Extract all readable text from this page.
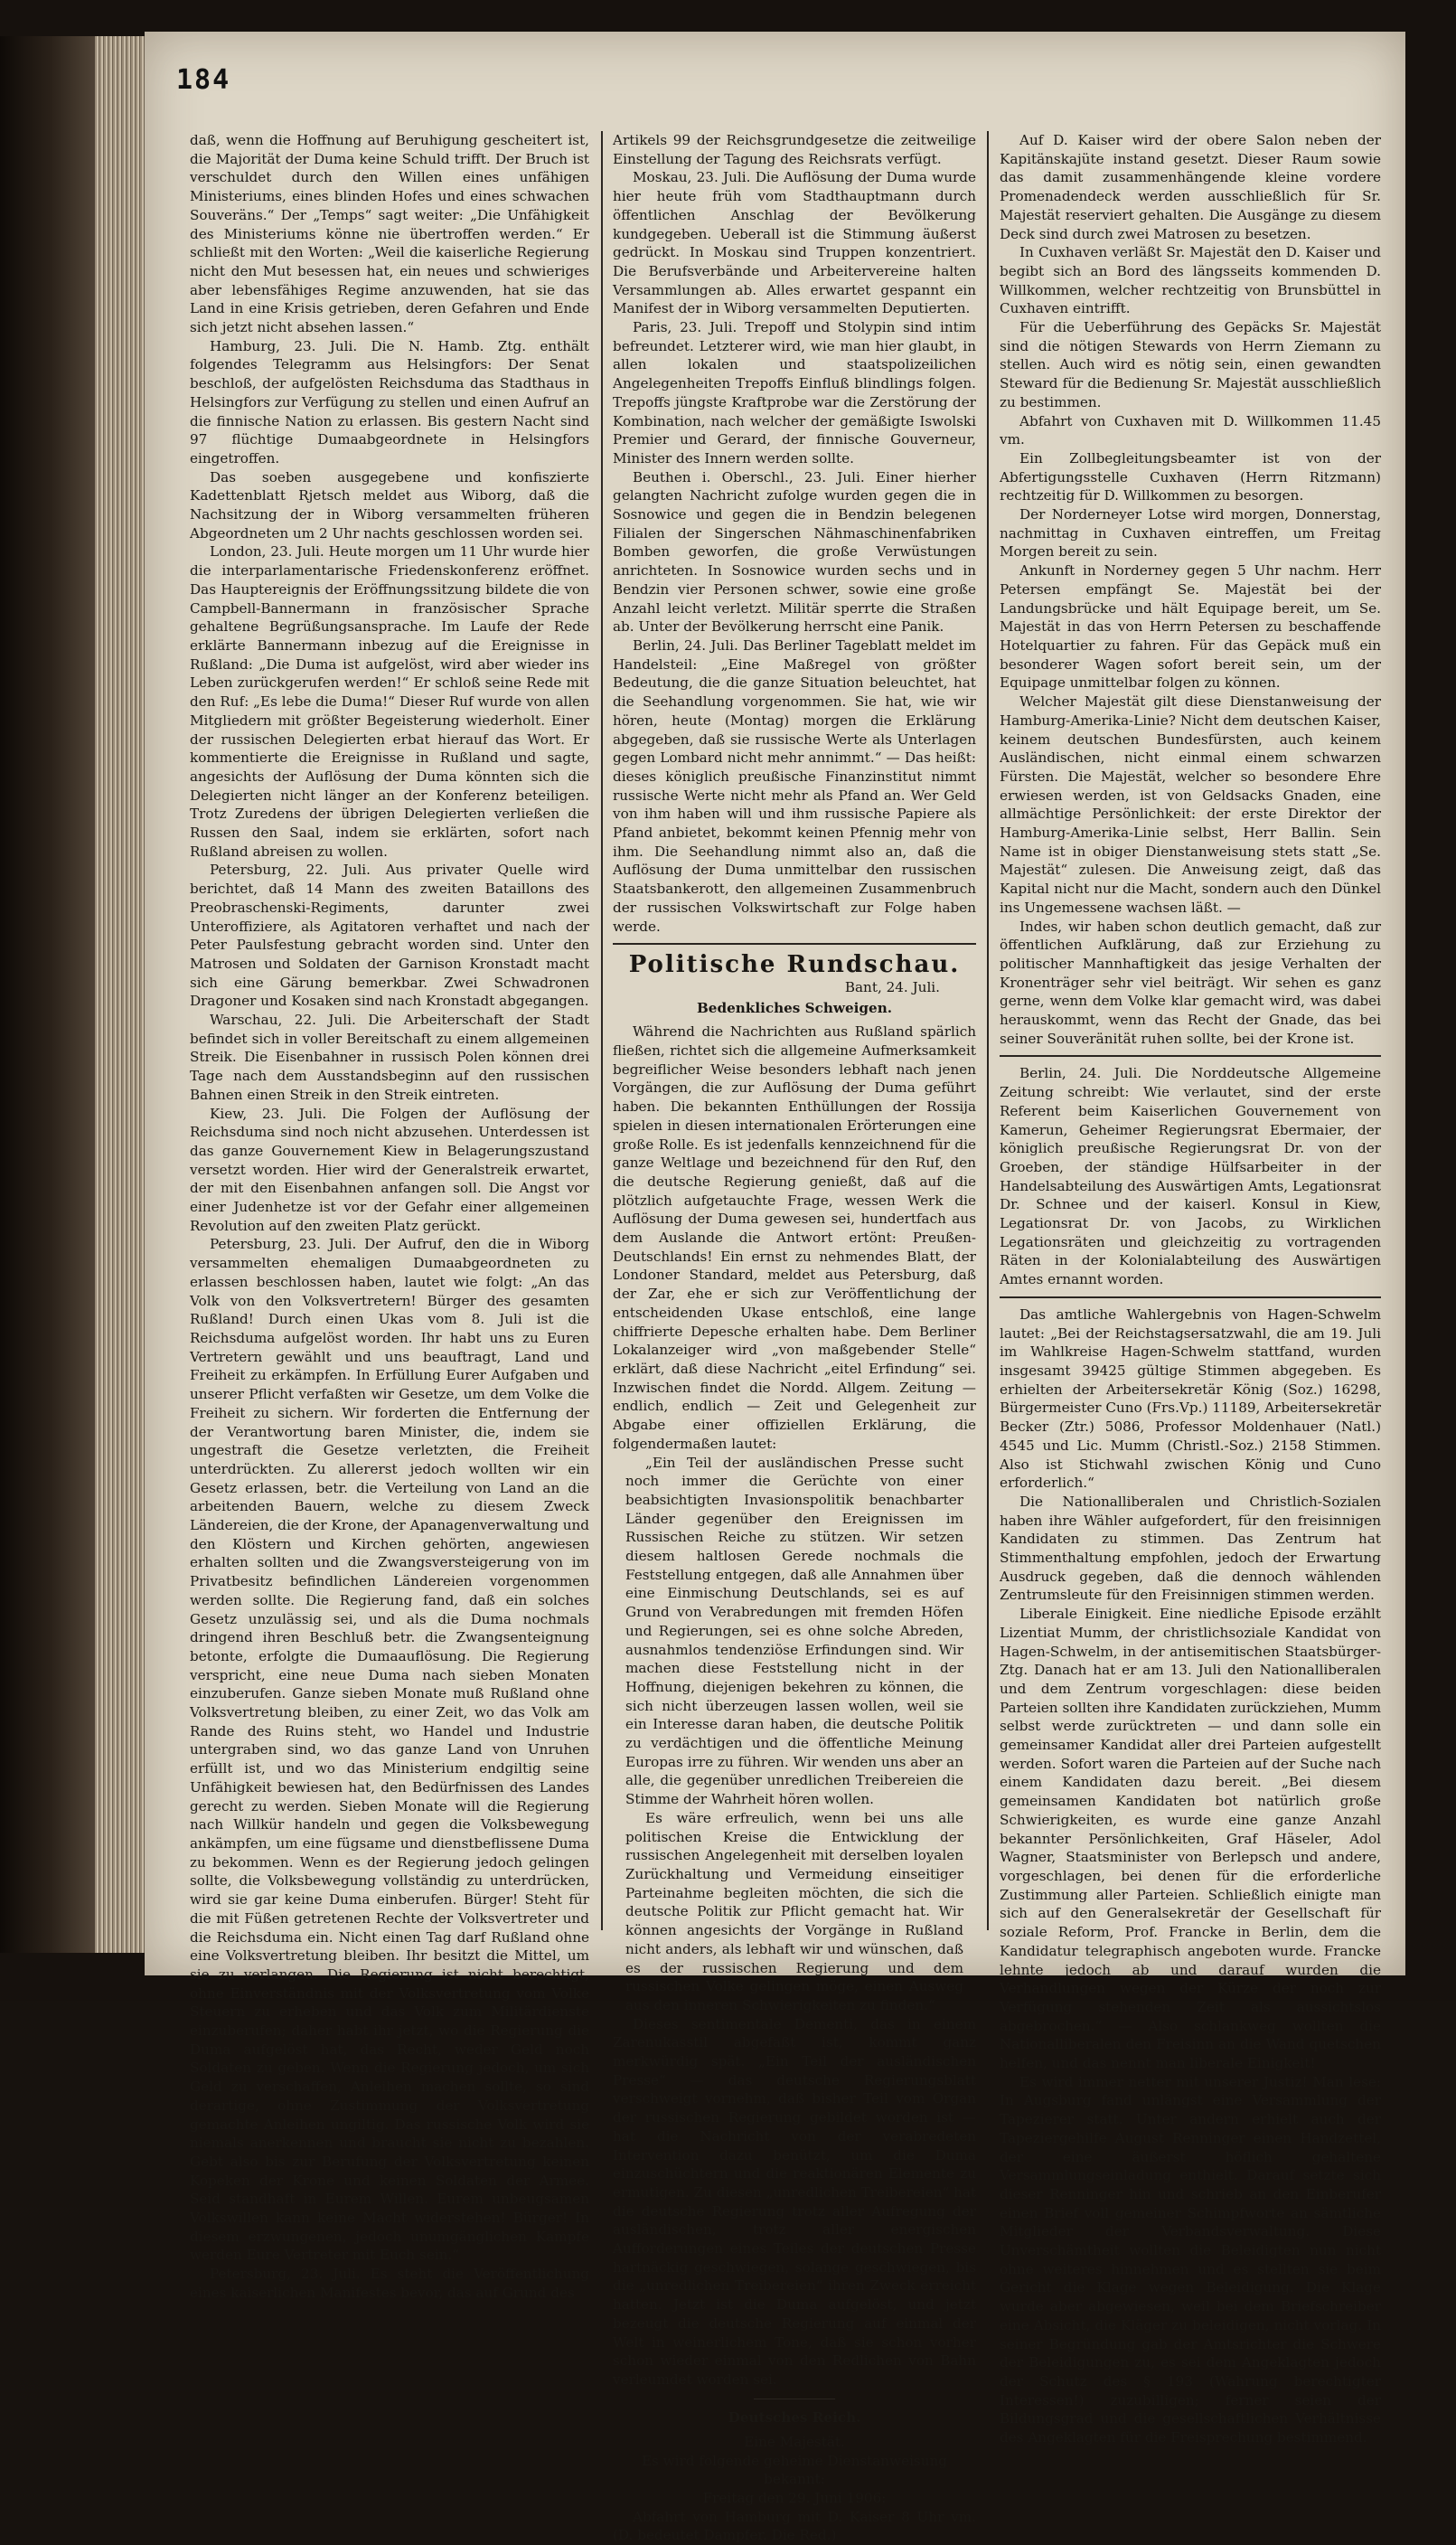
184

daß, wenn die Hoffnung auf Beruhigung gescheitert ist, die Majorität der Duma keine Schuld trifft. Der Bruch ist verschuldet durch den Willen eines unfähigen Ministeriums, eines blinden Hofes und eines schwachen Souveräns.“ Der „Temps“ sagt weiter: „Die Unfähigkeit des Ministeriums könne nie übertroffen werden.“ Er schließt mit den Worten: „Weil die kaiserliche Regierung nicht den Mut besessen hat, ein neues und schwieriges aber lebensfähiges Regime anzuwenden, hat sie das Land in eine Krisis getrieben, deren Gefahren und Ende sich jetzt nicht absehen lassen.“

Hamburg, 23. Juli. Die N. Hamb. Ztg. enthält folgendes Telegramm aus Helsingfors: Der Senat beschloß, der aufgelösten Reichsduma das Stadthaus in Helsingfors zur Verfügung zu stellen und einen Aufruf an die finnische Nation zu erlassen. Bis gestern Nacht sind 97 flüchtige Dumaabgeordnete in Helsingfors eingetroffen.

Das soeben ausgegebene und konfiszierte Kadettenblatt Rjetsch meldet aus Wiborg, daß die Nachsitzung der in Wiborg versammelten früheren Abgeordneten um 2 Uhr nachts geschlossen worden sei.

London, 23. Juli. Heute morgen um 11 Uhr wurde hier die interparlamentarische Friedenskonferenz eröffnet. Das Hauptereignis der Eröffnungssitzung bildete die von Campbell-Bannermann in französischer Sprache gehaltene Begrüßungsansprache. Im Laufe der Rede erklärte Bannermann inbezug auf die Ereignisse in Rußland: „Die Duma ist aufgelöst, wird aber wieder ins Leben zurückgerufen werden!“ Er schloß seine Rede mit den Ruf: „Es lebe die Duma!“ Dieser Ruf wurde von allen Mitgliedern mit größter Begeisterung wiederholt. Einer der russischen Delegierten erbat hierauf das Wort. Er kommentierte die Ereignisse in Rußland und sagte, angesichts der Auflösung der Duma könnten sich die Delegierten nicht länger an der Konferenz beteiligen. Trotz Zuredens der übrigen Delegierten verließen die Russen den Saal, indem sie erklärten, sofort nach Rußland abreisen zu wollen.

Petersburg, 22. Juli. Aus privater Quelle wird berichtet, daß 14 Mann des zweiten Bataillons des Preobraschenski-Regiments, darunter zwei Unteroffiziere, als Agitatoren verhaftet und nach der Peter Paulsfestung gebracht worden sind. Unter den Matrosen und Soldaten der Garnison Kronstadt macht sich eine Gärung bemerkbar. Zwei Schwadronen Dragoner und Kosaken sind nach Kronstadt abgegangen.

Warschau, 22. Juli. Die Arbeiterschaft der Stadt befindet sich in voller Bereitschaft zu einem allgemeinen Streik. Die Eisenbahner in russisch Polen können drei Tage nach dem Ausstandsbeginn auf den russischen Bahnen einen Streik in den Streik eintreten.

Kiew, 23. Juli. Die Folgen der Auflösung der Reichsduma sind noch nicht abzusehen. Unterdessen ist das ganze Gouvernement Kiew in Belagerungszustand versetzt worden. Hier wird der Generalstreik erwartet, der mit den Eisenbahnen anfangen soll. Die Angst vor einer Judenhetze ist vor der Gefahr einer allgemeinen Revolution auf den zweiten Platz gerückt.

Petersburg, 23. Juli. Der Aufruf, den die in Wiborg versammelten ehemaligen Dumaabgeordneten zu erlassen beschlossen haben, lautet wie folgt: „An das Volk von den Volksvertretern! Bürger des gesamten Rußland! Durch einen Ukas vom 8. Juli ist die Reichsduma aufgelöst worden. Ihr habt uns zu Euren Vertretern gewählt und uns beauftragt, Land und Freiheit zu erkämpfen. In Erfüllung Eurer Aufgaben und unserer Pflicht verfaßten wir Gesetze, um dem Volke die Freiheit zu sichern. Wir forderten die Entfernung der der Verantwortung baren Minister, die, indem sie ungestraft die Gesetze verletzten, die Freiheit unterdrückten. Zu allererst jedoch wollten wir ein Gesetz erlassen, betr. die Verteilung von Land an die arbeitenden Bauern, welche zu diesem Zweck Ländereien, die der Krone, der Apanagenverwaltung und den Klöstern und Kirchen gehörten, angewiesen erhalten sollten und die Zwangsversteigerung von im Privatbesitz befindlichen Ländereien vorgenommen werden sollte. Die Regierung fand, daß ein solches Gesetz unzulässig sei, und als die Duma nochmals dringend ihren Beschluß betr. die Zwangsenteignung betonte, erfolgte die Dumaauflösung. Die Regierung verspricht, eine neue Duma nach sieben Monaten einzuberufen. Ganze sieben Monate muß Rußland ohne Volksvertretung bleiben, zu einer Zeit, wo das Volk am Rande des Ruins steht, wo Handel und Industrie untergraben sind, wo das ganze Land von Unruhen erfüllt ist, und wo das Ministerium endgiltig seine Unfähigkeit bewiesen hat, den Bedürfnissen des Landes gerecht zu werden. Sieben Monate will die Regierung nach Willkür handeln und gegen die Volksbewegung ankämpfen, um eine fügsame und dienstbeflissene Duma zu bekommen. Wenn es der Regierung jedoch gelingen sollte, die Volksbewegung vollständig zu unterdrücken, wird sie gar keine Duma einberufen. Bürger! Steht für die mit Füßen getretenen Rechte der Volksvertreter und die Reichsduma ein. Nicht einen Tag darf Rußland ohne eine Volksvertretung bleiben. Ihr besitzt die Mittel, um sie zu verlangen. Die Regierung ist nicht berechtigt, ohne Einverständnis mit der Volksvertretung vom Volke Steuern zu erheben und das Volk zum Militärdienste einzuberufen; daher habt ihr jetzt, wo die Regierung die Duma aufgelöst hat, das Recht, weder Geld noch Soldaten zu geben. Wenn die Regierung jedoch, um sich Geld zu verschaffen, Anleihen machen sollte, so sind derartige, ohne Zustimmung der Volksvertretung gemachte Anleihen ungiltig. Das russische Volk wird sie niemals anerkennen und braucht sie nicht zu bezahlen. Gebt also bis zur Berufung der Volksvertretung keinen Kopeken der Krone und keinen Soldaten der Armee. Seid standhaft in Eurem Willen. Eurem unbeugsamen Volkswillen kann keine Macht widerstehen! Bürger! In diesem erzwungenen, jedoch unumgänglichen Kampfe werden Eure Vertreter mit Euch sein.“

Petersburg, 23. Juli. Es steht die Veröffentlichung eines kaiserlichen Manifestes bevor, das auf Grund des

Artikels 99 der Reichsgrundgesetze die zeitweilige Einstellung der Tagung des Reichsrats verfügt.

Moskau, 23. Juli. Die Auflösung der Duma wurde hier heute früh vom Stadthauptmann durch öffentlichen Anschlag der Bevölkerung kundgegeben. Ueberall ist die Stimmung äußerst gedrückt. In Moskau sind Truppen konzentriert. Die Berufsverbände und Arbeitervereine halten Versammlungen ab. Alles erwartet gespannt ein Manifest der in Wiborg versammelten Deputierten.

Paris, 23. Juli. Trepoff und Stolypin sind intim befreundet. Letzterer wird, wie man hier glaubt, in allen lokalen und staatspolizeilichen Angelegenheiten Trepoffs Einfluß blindlings folgen. Trepoffs jüngste Kraftprobe war die Zerstörung der Kombination, nach welcher der gemäßigte Iswolski Premier und Gerard, der finnische Gouverneur, Minister des Innern werden sollte.

Beuthen i. Oberschl., 23. Juli. Einer hierher gelangten Nachricht zufolge wurden gegen die in Sosnowice und gegen die in Bendzin belegenen Filialen der Singerschen Nähmaschinenfabriken Bomben geworfen, die große Verwüstungen anrichteten. In Sosnowice wurden sechs und in Bendzin vier Personen schwer, sowie eine große Anzahl leicht verletzt. Militär sperrte die Straßen ab. Unter der Bevölkerung herrscht eine Panik.

Berlin, 24. Juli. Das Berliner Tageblatt meldet im Handelsteil: „Eine Maßregel von größter Bedeutung, die die ganze Situation beleuchtet, hat die Seehandlung vorgenommen. Sie hat, wie wir hören, heute (Montag) morgen die Erklärung abgegeben, daß sie russische Werte als Unterlagen gegen Lombard nicht mehr annimmt.“ — Das heißt: dieses königlich preußische Finanzinstitut nimmt russische Werte nicht mehr als Pfand an. Wer Geld von ihm haben will und ihm russische Papiere als Pfand anbietet, bekommt keinen Pfennig mehr von ihm. Die Seehandlung nimmt also an, daß die Auflösung der Duma unmittelbar den russischen Staatsbankerott, den allgemeinen Zusammenbruch der russischen Volkswirtschaft zur Folge haben werde.

Politische Rundschau.
Bant, 24. Juli.
Bedenkliches Schweigen.

Während die Nachrichten aus Rußland spärlich fließen, richtet sich die allgemeine Aufmerksamkeit begreiflicher Weise besonders lebhaft nach jenen Vorgängen, die zur Auflösung der Duma geführt haben. Die bekannten Enthüllungen der Rossija spielen in diesen internationalen Erörterungen eine große Rolle. Es ist jedenfalls kennzeichnend für die ganze Weltlage und bezeichnend für den Ruf, den die deutsche Regierung genießt, daß auf die plötzlich aufgetauchte Frage, wessen Werk die Auflösung der Duma gewesen sei, hundertfach aus dem Auslande die Antwort ertönt: Preußen-Deutschlands! Ein ernst zu nehmendes Blatt, der Londoner Standard, meldet aus Petersburg, daß der Zar, ehe er sich zur Veröffentlichung der entscheidenden Ukase entschloß, eine lange chiffrierte Depesche erhalten habe. Dem Berliner Lokalanzeiger wird „von maßgebender Stelle“ erklärt, daß diese Nachricht „eitel Erfindung“ sei. Inzwischen findet die Nordd. Allgem. Zeitung — endlich, endlich — Zeit und Gelegenheit zur Abgabe einer offiziellen Erklärung, die folgendermaßen lautet:

„Ein Teil der ausländischen Presse sucht noch immer die Gerüchte von einer beabsichtigten Invasionspolitik benachbarter Länder gegenüber den Ereignissen im Russischen Reiche zu stützen. Wir setzen diesem haltlosen Gerede nochmals die Feststellung entgegen, daß alle Annahmen über eine Einmischung Deutschlands, sei es auf Grund von Verabredungen mit fremden Höfen und Regierungen, sei es ohne solche Abreden, ausnahmlos tendenziöse Erfindungen sind. Wir machen diese Feststellung nicht in der Hoffnung, diejenigen bekehren zu können, die sich nicht überzeugen lassen wollen, weil sie ein Interesse daran haben, die deutsche Politik zu verdächtigen und die öffentliche Meinung Europas irre zu führen. Wir wenden uns aber an alle, die gegenüber unredlichen Treibereien die Stimme der Wahrheit hören wollen.

Es wäre erfreulich, wenn bei uns alle politischen Kreise die Entwicklung der russischen Angelegenheit mit derselben loyalen Zurückhaltung und Vermeidung einseitiger Parteinahme begleiten möchten, die sich die deutsche Politik zur Pflicht gemacht hat. Wir können angesichts der Vorgänge in Rußland nicht anders, als lebhaft wir und wünschen, daß es der russischen Regierung und dem russischen Volke gelingen möge, einen Ausweg aus den inneren Schwierigkeiten zu finden.“

Dieses sentimentale Dementi, das in einem Zarenukasstil abgefaßt ist, kommt ganz merkwürdig spät. „Ein Teil der ausländischen Presse“ — das deutsche Regierungsblatt verschweigt vornehm, daß bisher Teil vom Organ der russischen Regierung gebildet worden ist — hat die Nachricht von der verabredeten Intervention dazu benützt, um die Duma einzuschüchtern und die reaktionären Elemente zu ermutigen. Zu diesen „unredlichen Treibereien“ hat die deutsche Regierung trotz aller Aufregung der ausländischen, trotz aller energischen Aufforderungen eines Teiles der deutschen Presse hartnäckig geschwiegen, solange geschwiegen, bis die „unredlichen Treibereien“ ihren Zweck erreicht hatten. Jetzt ist die Duma aufgelöst, und jetzt bezeugt die deutsche Regierung auf einmal der Welt in weinerlichem Tone, daß sie schon vorher schon wieder einmal von den Redlichen von Bahn verleumdet worden sei.

Deutsches Reich.
Eine Majestät.

Es wird folgende geheime Dienstanweisung bekannt:

Freitag den 29. Juni 1906:

Abfahrt von Hamburg mit D. Kaiser 8 Uhr vm. (D. bedeutet Dampfer. Die Red.)

Auf D. Kaiser wird der obere Salon neben der Kapitänskajüte instand gesetzt. Dieser Raum sowie das damit zusammenhängende kleine vordere Promenadendeck werden ausschließlich für Sr. Majestät reserviert gehalten. Die Ausgänge zu diesem Deck sind durch zwei Matrosen zu besetzen.

In Cuxhaven verläßt Sr. Majestät den D. Kaiser und begibt sich an Bord des längsseits kommenden D. Willkommen, welcher rechtzeitig von Brunsbüttel in Cuxhaven eintrifft.

Für die Ueberführung des Gepäcks Sr. Majestät sind die nötigen Stewards von Herrn Ziemann zu stellen. Auch wird es nötig sein, einen gewandten Steward für die Bedienung Sr. Majestät ausschließlich zu bestimmen.

Abfahrt von Cuxhaven mit D. Willkommen 11.45 vm.

Ein Zollbegleitungsbeamter ist von der Abfertigungsstelle Cuxhaven (Herrn Ritzmann) rechtzeitig für D. Willkommen zu besorgen.

Der Norderneyer Lotse wird morgen, Donnerstag, nachmittag in Cuxhaven eintreffen, um Freitag Morgen bereit zu sein.

Ankunft in Norderney gegen 5 Uhr nachm. Herr Petersen empfängt Se. Majestät bei der Landungsbrücke und hält Equipage bereit, um Se. Majestät in das von Herrn Petersen zu beschaffende Hotelquartier zu fahren. Für das Gepäck muß ein besonderer Wagen sofort bereit sein, um der Equipage unmittelbar folgen zu können.

Welcher Majestät gilt diese Dienstanweisung der Hamburg-Amerika-Linie? Nicht dem deutschen Kaiser, keinem deutschen Bundesfürsten, auch keinem Ausländischen, nicht einmal einem schwarzen Fürsten. Die Majestät, welcher so besondere Ehre erwiesen werden, ist von Geldsacks Gnaden, eine allmächtige Persönlichkeit: der erste Direktor der Hamburg-Amerika-Linie selbst, Herr Ballin. Sein Name ist in obiger Dienstanweisung stets statt „Se. Majestät“ zulesen. Die Anweisung zeigt, daß das Kapital nicht nur die Macht, sondern auch den Dünkel ins Ungemessene wachsen läßt. —

Indes, wir haben schon deutlich gemacht, daß zur öffentlichen Aufklärung, daß zur Erziehung zu politischer Mannhaftigkeit das jesige Verhalten der Kronenträger sehr viel beiträgt. Wir sehen es ganz gerne, wenn dem Volke klar gemacht wird, was dabei herauskommt, wenn das Recht der Gnade, das bei seiner Souveränität ruhen sollte, bei der Krone ist.

Berlin, 24. Juli. Die Norddeutsche Allgemeine Zeitung schreibt: Wie verlautet, sind der erste Referent beim Kaiserlichen Gouvernement von Kamerun, Geheimer Regierungsrat Ebermaier, der königlich preußische Regierungsrat Dr. von der Groeben, der ständige Hülfsarbeiter in der Handelsabteilung des Auswärtigen Amts, Legationsrat Dr. Schnee und der kaiserl. Konsul in Kiew, Legationsrat Dr. von Jacobs, zu Wirklichen Legationsräten und gleichzeitig zu vortragenden Räten in der Kolonialabteilung des Auswärtigen Amtes ernannt worden.

Das amtliche Wahlergebnis von Hagen-Schwelm lautet: „Bei der Reichstagsersatzwahl, die am 19. Juli im Wahlkreise Hagen-Schwelm stattfand, wurden insgesamt 39425 gültige Stimmen abgegeben. Es erhielten der Arbeitersekretär König (Soz.) 16298, Bürgermeister Cuno (Frs.Vp.) 11189, Arbeitersekretär Becker (Ztr.) 5086, Professor Moldenhauer (Natl.) 4545 und Lic. Mumm (Christl.-Soz.) 2158 Stimmen. Also ist Stichwahl zwischen König und Cuno erforderlich.“

Die Nationalliberalen und Christlich-Sozialen haben ihre Wähler aufgefordert, für den freisinnigen Kandidaten zu stimmen. Das Zentrum hat Stimmenthaltung empfohlen, jedoch der Erwartung Ausdruck gegeben, daß die dennoch wählenden Zentrumsleute für den Freisinnigen stimmen werden.

Liberale Einigkeit. Eine niedliche Episode erzählt Lizentiat Mumm, der christlichsoziale Kandidat von Hagen-Schwelm, in der antisemitischen Staatsbürger-Ztg. Danach hat er am 13. Juli den Nationalliberalen und dem Zentrum vorgeschlagen: diese beiden Parteien sollten ihre Kandidaten zurückziehen, Mumm selbst werde zurücktreten — und dann solle ein gemeinsamer Kandidat aller drei Parteien aufgestellt werden. Sofort waren die Parteien auf der Suche nach einem Kandidaten dazu bereit. „Bei diesem gemeinsamen Kandidaten bot natürlich große Schwierigkeiten, es wurde eine ganze Anzahl bekannter Persönlichkeiten, Graf Häseler, Adol Wagner, Staatsminister von Berlepsch und andere, vorgeschlagen, bei denen für die erforderliche Zustimmung aller Parteien. Schließlich einigte man sich auf den Generalsekretär der Gesellschaft für soziale Reform, Prof. Francke in Berlin, dem die Kandidatur telegraphisch angeboten wurde. Francke lehnte jedoch ab und darauf wurden die Verhandlungen wegen der Kürze der noch zur Verfügung stehenden Zeit als aussichtslos abgebrochen.“ — Also schlankweg wollten die Nationalliberalen den Freisinn an die Wand quetschen helfen, und das nennt man liberale Einigkeit!

Es wird immer netter mit unserer Justiz! Man lese: In Augsburg fand unlängst eine Versammlung der Tapezierer statt. Unter andern erhielt auch der Tapeziergehilfe August Renninger einen Handzettel, der eine äußerst höflich gehaltene Versammlungseinladung enthielt. Darauf setzte sich dieser Renninger hin und schrieb an den Einberufer einen Brief voll gemeiner Schimpfworte an sämtliche Mitglieder der Verbandsverwaltung. Diese Unverschämtheit wollten die Beleidigten nun nicht ohne weiteres hinnehmen und es stellten sie beim Gericht die Klage wegen Beleidigung. Die Klage wurde aber abgewiesen, weil bei dem Briefschreiber eine Absicht, die Kläger zu beleidigen, nicht vorlag. In seiner Begründung gab der Amtsrichter die Schwere der Beleidigungen zu, es sei dem Angeklagten jedoch der Schutz des § 193 (Wahrung berechtigter Interessen!) zuzubilligen; ferner seien der Bildungsgrad und die gesellschaftlichen Verhältnisse des Angeklagten für die Freisprechung bestimmend.
